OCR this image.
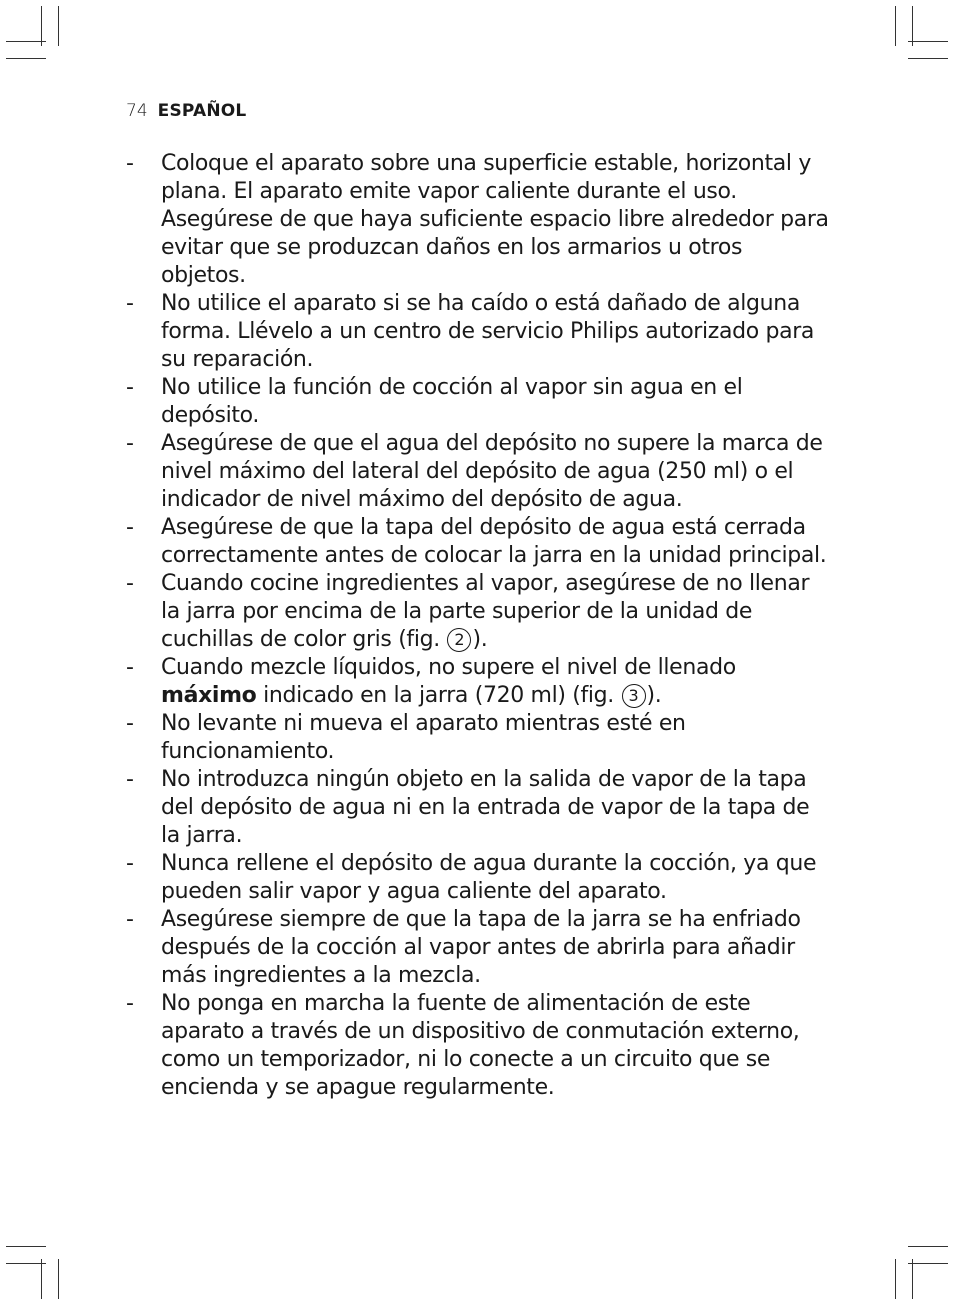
74 ESPAÑOL
-	Coloque el aparato sobre una superficie estable, horizontal y plana. El aparato emite vapor caliente durante el uso. Asegúrese de que haya suficiente espacio libre alrededor para evitar que se produzcan daños en los armarios u otros objetos.
-	No utilice el aparato si se ha caído o está dañado de alguna forma. Llévelo a un centro de servicio Philips autorizado para su reparación.
-	No utilice la función de cocción al vapor sin agua en el depósito.
-	Asegúrese de que el agua del depósito no supere la marca de nivel máximo del lateral del depósito de agua (250 ml) o el indicador de nivel máximo del depósito de agua.
-	Asegúrese de que la tapa del depósito de agua está cerrada correctamente antes de colocar la jarra en la unidad principal.
-	Cuando cocine ingredientes al vapor, asegúrese de no llenar la jarra por encima de la parte superior de la unidad de cuchillas de color gris (fig. 2 ).
-	Cuando mezcle líquidos, no supere el nivel de llenado máximo indicado en la jarra (720 ml) (fig. 3 ).
-	No levante ni mueva el aparato mientras esté en funcionamiento.
-	No introduzca ningún objeto en la salida de vapor de la tapa del depósito de agua ni en la entrada de vapor de la tapa de la jarra.
-	Nunca rellene el depósito de agua durante la cocción, ya que pueden salir vapor y agua caliente del aparato.
-	Asegúrese siempre de que la tapa de la jarra se ha enfriado después de la cocción al vapor antes de abrirla para añadir más ingredientes a la mezcla.
-	No ponga en marcha la fuente de alimentación de este aparato a través de un dispositivo de conmutación externo, como un temporizador, ni lo conecte a un circuito que se encienda y se apague regularmente.
